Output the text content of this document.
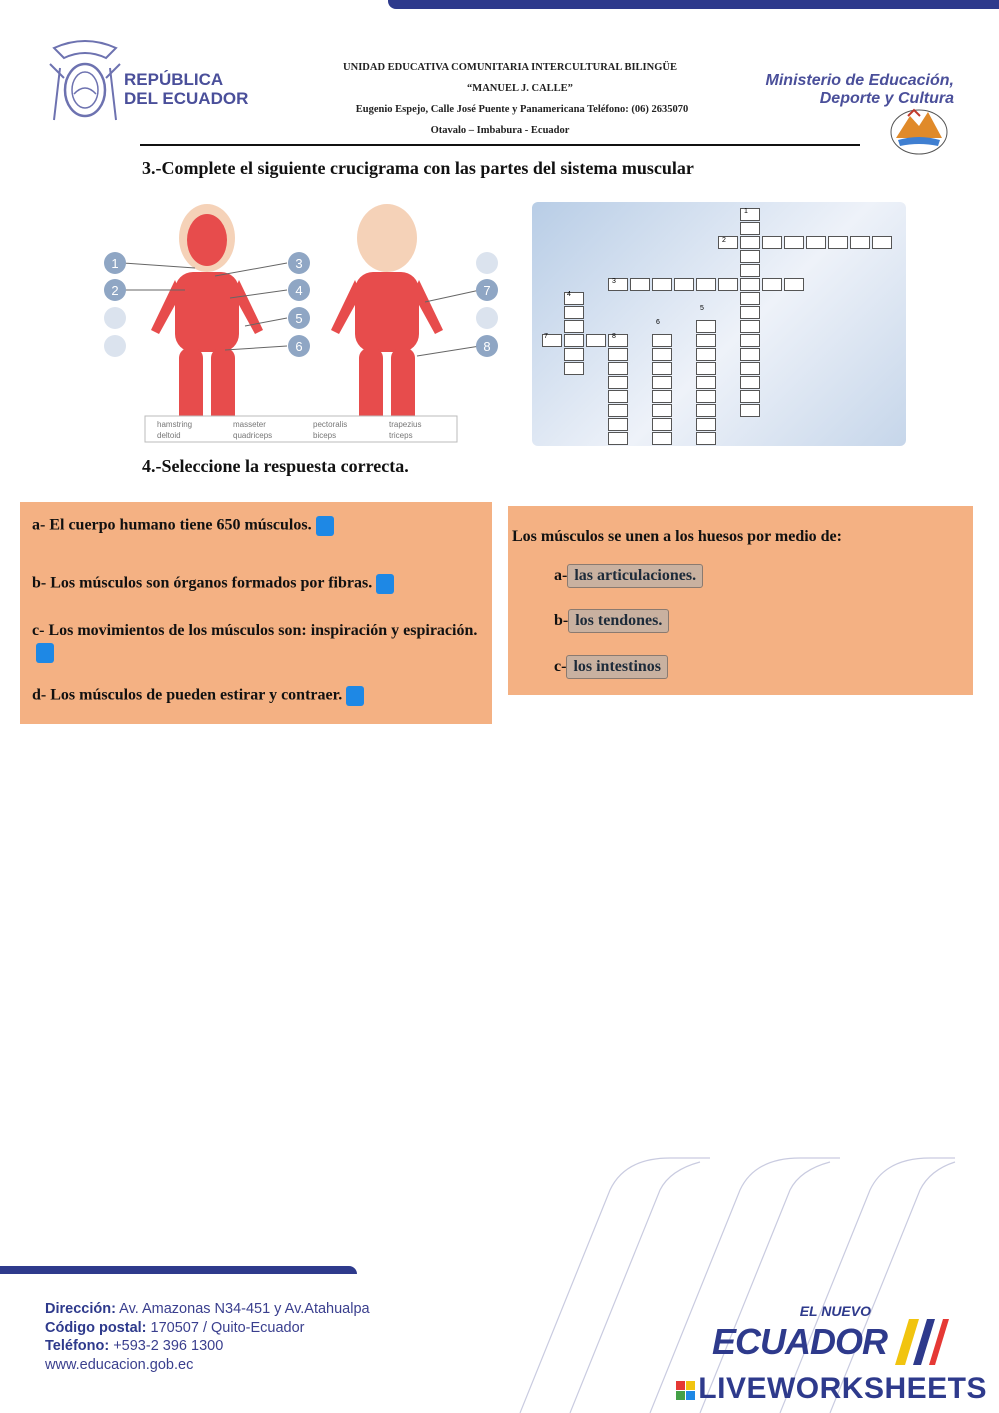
REPÚBLICA
DEL ECUADOR
UNIDAD EDUCATIVA COMUNITARIA INTERCULTURAL BILINGÜE
“MANUEL J. CALLE”
Eugenio Espejo, Calle José Puente y Panamericana Teléfono: (06) 2635070
Otavalo – Imbabura - Ecuador
Ministerio de Educación,
Deporte y Cultura
3.-Complete el siguiente crucigrama con las partes del sistema muscular
1
2
3
4
5
6
7
8
hamstring	masseter	pectoralis	trapezius
deltoid	quadriceps	biceps	triceps
1
2
3
4
5
6
7	8
4.-Seleccione la respuesta correcta.
a- El cuerpo humano tiene 650 músculos.
b- Los músculos son órganos formados por fibras.
c- Los movimientos de los músculos son: inspiración y espiración.
d- Los músculos de pueden estirar y contraer.
Los músculos se unen a los huesos por medio de:
a- las articulaciones.
b- los tendones.
c- los intestinos
Dirección: Av. Amazonas N34-451 y Av.Atahualpa
Código postal: 170507 / Quito-Ecuador
Teléfono: +593-2 396 1300
www.educacion.gob.ec
EL NUEVO
ECUADOR
LIVEWORKSHEETS
